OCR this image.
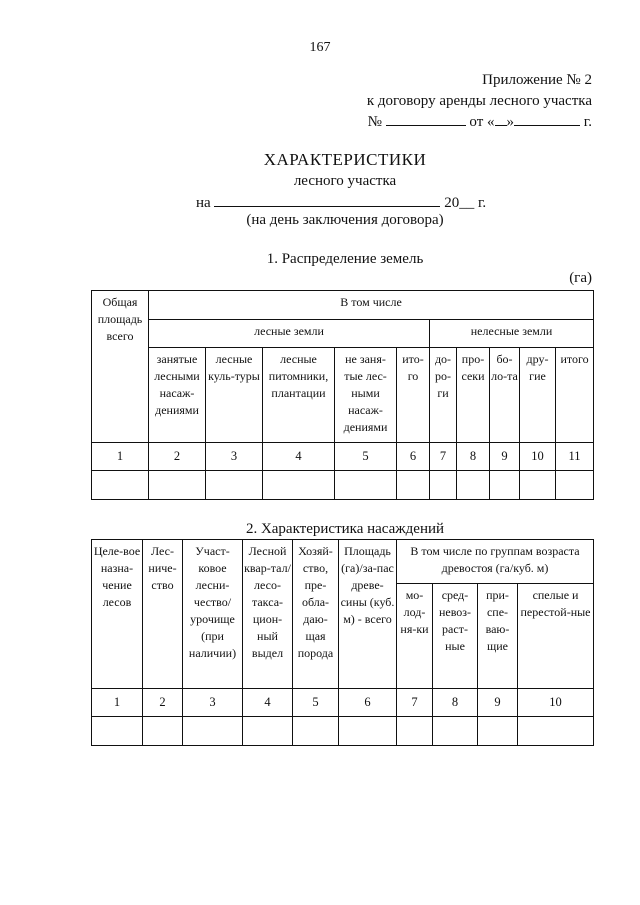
167
Приложение № 2
к договору аренды лесного участка
№	от « »	г.
ХАРАКТЕРИСТИКИ
лесного участка
на	20__ г.
(на день заключения договора)
1. Распределение земель
(га)
Общая площадь всего	В том числе									
	лесные земли					нелесные земли				
	занятые лесными насаж-дениями	лесные куль-туры	лесные питомники, плантации	не заня-тые лес-ными насаж-дениями	ито-го	до-ро-ги	про-секи	бо-ло-та	дру-гие	итого
1	2	3	4	5	6	7	8	9	10	11

2. Характеристика насаждений
Целе-вое назна-чение лесов	Лес-ниче-ство	Участ-ковое лесни-чество/ урочище (при наличии)	Лесной квар-тал/ лесо-такса-цион-ный выдел	Хозяй-ство, пре-обла-даю-щая порода	Площадь (га)/за-пас древе-сины (куб. м) - всего	В том числе по группам возраста древостоя (га/куб. м)			
						мо-лод-ня-ки	сред-невоз-раст-ные	при-спе-ваю-щие	спелые и перестой-ные
1	2	3	4	5	6	7	8	9	10
